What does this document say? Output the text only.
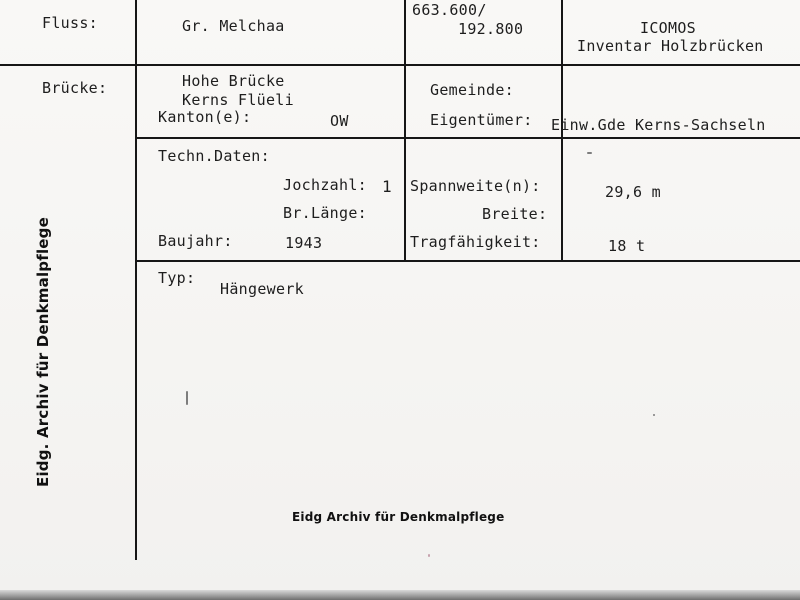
Fluss:	Gr. Melchaa
663.600/
192.800	ICOMOS
Inventar Holzbrücken
Brücke:	Hohe Brücke
Kerns Flüeli
Kanton(e):	OW
Gemeinde:
Eigentümer: Einw.Gde Kerns-Sachseln
Techn.Daten:
Jochzahl: 1
Br.Länge:
Baujahr:	1943
Spannweite(n):	29,6 m
Breite:
Tragfähigkeit:	18 t
Typ:
Hängewerk
Eidg. Archiv für Denkmalpflege
Eidg Archiv für Denkmalpflege
